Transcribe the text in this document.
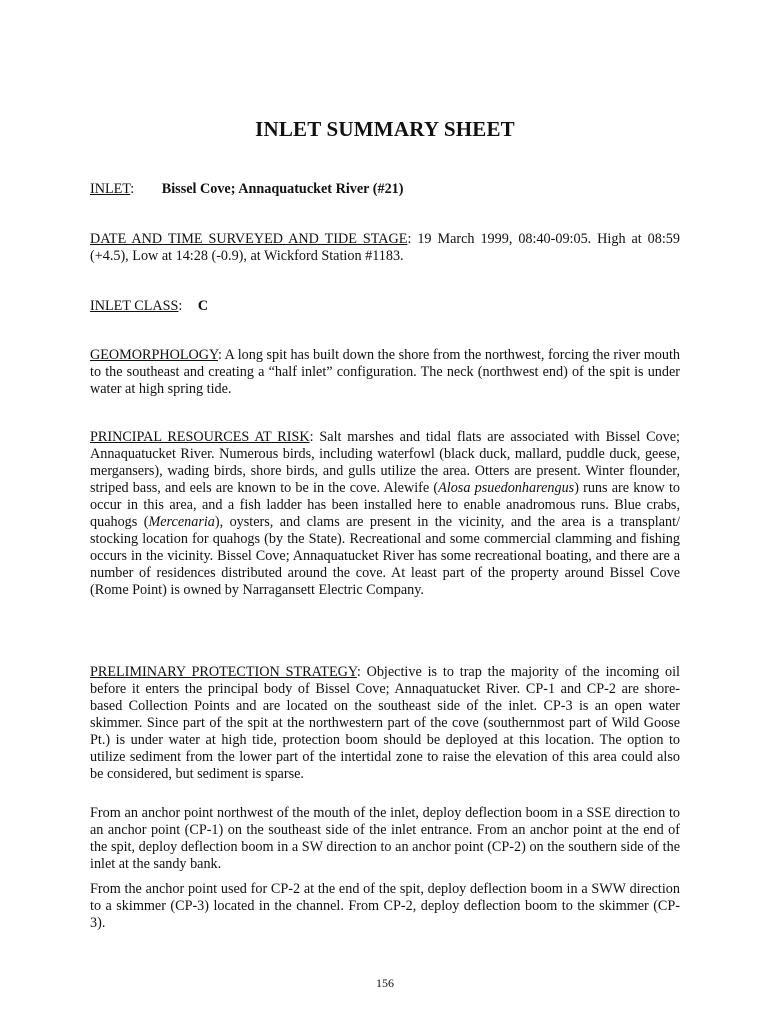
INLET SUMMARY SHEET
INLET: Bissel Cove; Annaquatucket River (#21)
DATE AND TIME SURVEYED AND TIDE STAGE: 19 March 1999, 08:40-09:05. High at 08:59 (+4.5), Low at 14:28 (-0.9), at Wickford Station #1183.
INLET CLASS: C
GEOMORPHOLOGY: A long spit has built down the shore from the northwest, forcing the river mouth to the southeast and creating a “half inlet” configuration. The neck (northwest end) of the spit is under water at high spring tide.
PRINCIPAL RESOURCES AT RISK: Salt marshes and tidal flats are associated with Bissel Cove; Annaquatucket River. Numerous birds, including waterfowl (black duck, mallard, puddle duck, geese, mergansers), wading birds, shore birds, and gulls utilize the area. Otters are present. Winter flounder, striped bass, and eels are known to be in the cove. Alewife (Alosa psuedonharengus) runs are know to occur in this area, and a fish ladder has been installed here to enable anadromous runs. Blue crabs, quahogs (Mercenaria), oysters, and clams are present in the vicinity, and the area is a transplant/ stocking location for quahogs (by the State). Recreational and some commercial clamming and fishing occurs in the vicinity. Bissel Cove; Annaquatucket River has some recreational boating, and there are a number of residences distributed around the cove. At least part of the property around Bissel Cove (Rome Point) is owned by Narragansett Electric Company.
PRELIMINARY PROTECTION STRATEGY: Objective is to trap the majority of the incoming oil before it enters the principal body of Bissel Cove; Annaquatucket River. CP-1 and CP-2 are shore-based Collection Points and are located on the southeast side of the inlet. CP-3 is an open water skimmer. Since part of the spit at the northwestern part of the cove (southernmost part of Wild Goose Pt.) is under water at high tide, protection boom should be deployed at this location. The option to utilize sediment from the lower part of the intertidal zone to raise the elevation of this area could also be considered, but sediment is sparse.
From an anchor point northwest of the mouth of the inlet, deploy deflection boom in a SSE direction to an anchor point (CP-1) on the southeast side of the inlet entrance. From an anchor point at the end of the spit, deploy deflection boom in a SW direction to an anchor point (CP-2) on the southern side of the inlet at the sandy bank.
From the anchor point used for CP-2 at the end of the spit, deploy deflection boom in a SWW direction to a skimmer (CP-3) located in the channel. From CP-2, deploy deflection boom to the skimmer (CP-3).
156
